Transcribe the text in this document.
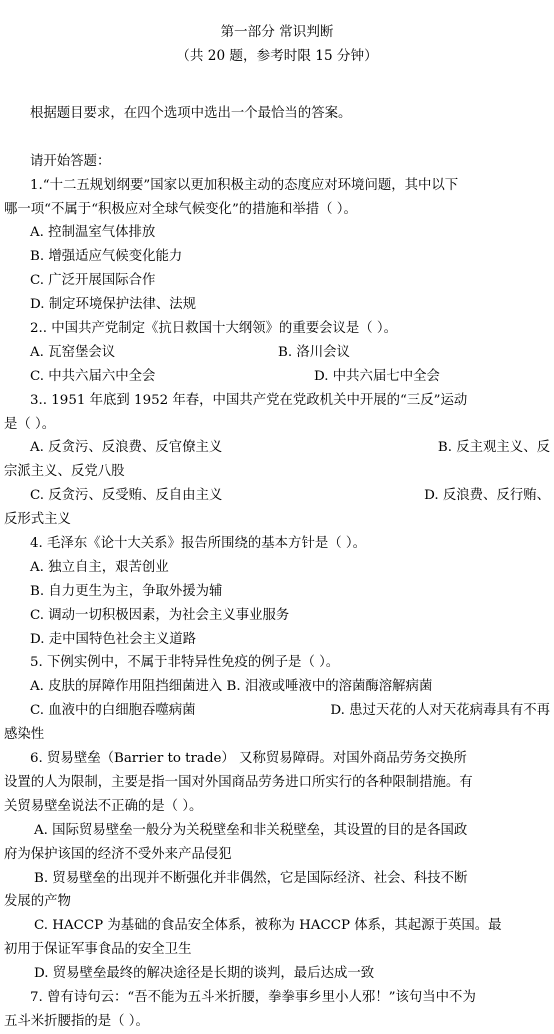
第一部分 常识判断
（共 20 题，参考时限 15 分钟）
根据题目要求，在四个选项中选出一个最恰当的答案。
请开始答题：
1.“十二五规划纲要”国家以更加积极主动的态度应对环境问题，其中以下
哪一项“不属于“积极应对全球气候变化”的措施和举措（ ）。
A. 控制温室气体排放
B. 增强适应气候变化能力
C. 广泛开展国际合作
D. 制定环境保护法律、法规
2.. 中国共产党制定《抗日救国十大纲领》的重要会议是（ ）。
A. 瓦窑堡会议	B. 洛川会议
C. 中共六届六中全会	D. 中共六届七中全会
3.. 1951 年底到 1952 年春，中国共产党在党政机关中开展的“三反”运动
是（ ）。
A. 反贪污、反浪费、反官僚主义	B. 反主观主义、反
宗派主义、反党八股
C. 反贪污、反受贿、反自由主义	D. 反浪费、反行贿、
反形式主义
4. 毛泽东《论十大关系》报告所围绕的基本方针是（ ）。
A. 独立自主，艰苦创业
B. 自力更生为主，争取外援为辅
C. 调动一切积极因素，为社会主义事业服务
D. 走中国特色社会主义道路
5. 下例实例中，不属于非特异性免疫的例子是（ ）。
A. 皮肤的屏障作用阻挡细菌进入 B. 泪液或唾液中的溶菌酶溶解病菌
C. 血液中的白细胞吞噬病菌	D. 患过天花的人对天花病毒具有不再
感染性
6. 贸易壁垒（Barrier to trade） 又称贸易障碍。对国外商品劳务交换所
设置的人为限制，主要是指一国对外国商品劳务进口所实行的各种限制措施。有
关贸易壁垒说法不正确的是（ ）。
A. 国际贸易壁垒一般分为关税壁垒和非关税壁垒，其设置的目的是各国政
府为保护该国的经济不受外来产品侵犯
B. 贸易壁垒的出现并不断强化并非偶然，它是国际经济、社会、科技不断
发展的产物
C. HACCP 为基础的食品安全体系，被称为 HACCP 体系，其起源于英国。最
初用于保证军事食品的安全卫生
D. 贸易壁垒最终的解决途径是长期的谈判，最后达成一致
7. 曾有诗句云：“吾不能为五斗米折腰，拳拳事乡里小人邪！”该句当中不为
五斗米折腰指的是（ ）。
